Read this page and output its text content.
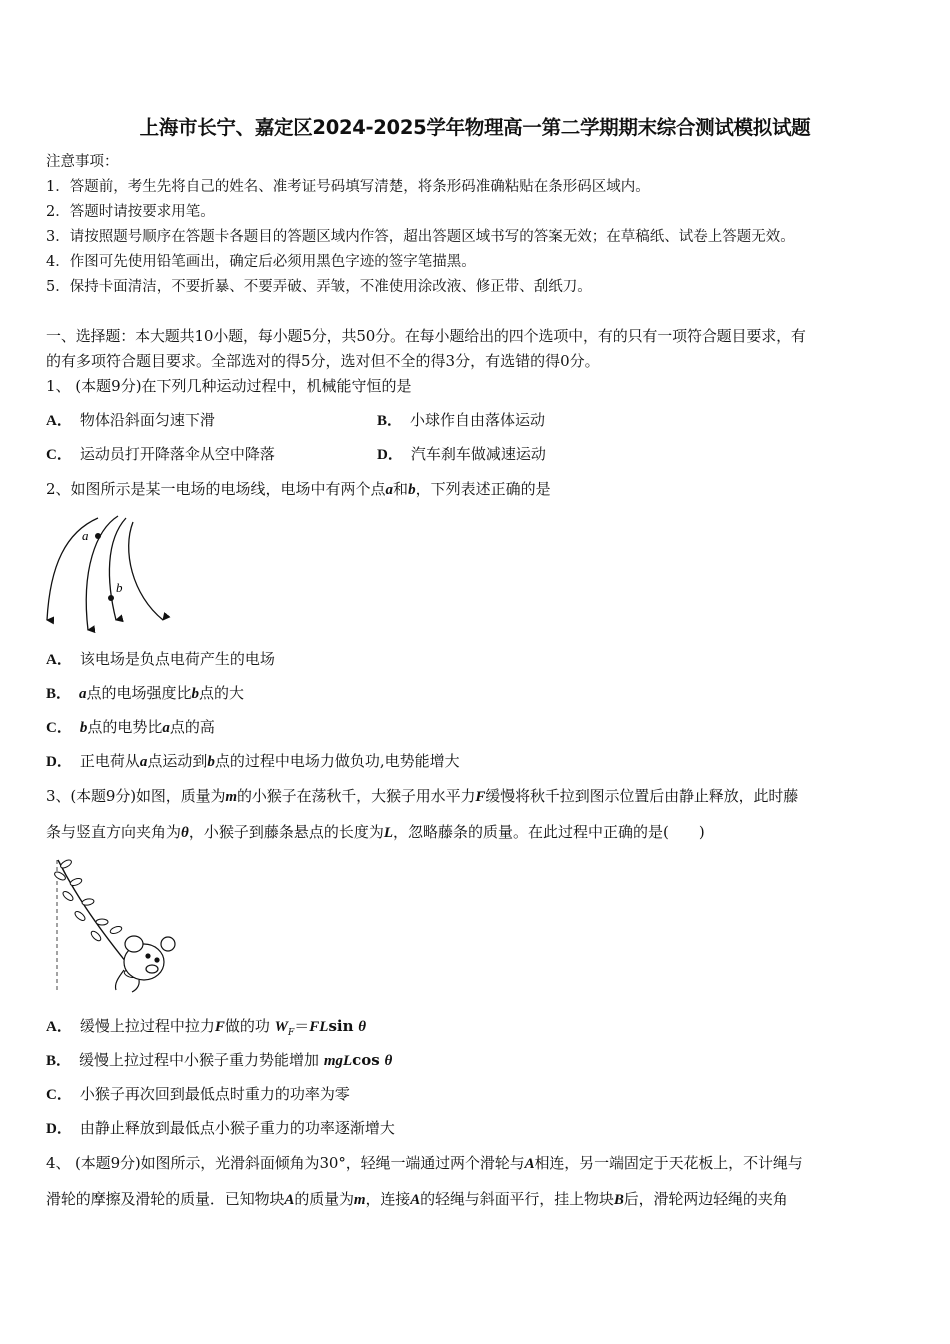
上海市长宁、嘉定区2024-2025学年物理高一第二学期期末综合测试模拟试题
注意事项：
1．答题前，考生先将自己的姓名、准考证号码填写清楚，将条形码准确粘贴在条形码区域内。
2．答题时请按要求用笔。
3．请按照题号顺序在答题卡各题目的答题区域内作答，超出答题区域书写的答案无效；在草稿纸、试卷上答题无效。
4．作图可先使用铅笔画出，确定后必须用黑色字迹的签字笔描黑。
5．保持卡面清洁，不要折暴、不要弄破、弄皱，不准使用涂改液、修正带、刮纸刀。
一、选择题：本大题共10小题，每小题5分，共50分。在每小题给出的四个选项中，有的只有一项符合题目要求，有
的有多项符合题目要求。全部选对的得5分，选对但不全的得3分，有选错的得0分。
1、 (本题9分)在下列几种运动过程中，机械能守恒的是
A． 物体沿斜面匀速下滑	B． 小球作自由落体运动
C． 运动员打开降落伞从空中降落	D． 汽车刹车做减速运动
2、如图所示是某一电场的电场线，电场中有两个点a和b，下列表述正确的是
a
b
A． 该电场是负点电荷产生的电场
B． a点的电场强度比b点的大
C． b点的电势比a点的高
D． 正电荷从a点运动到b点的过程中电场力做负功,电势能增大
3、(本题9分)如图，质量为m的小猴子在荡秋千，大猴子用水平力F缓慢将秋千拉到图示位置后由静止释放，此时藤
条与竖直方向夹角为θ，小猴子到藤条悬点的长度为L，忽略藤条的质量。在此过程中正确的是(　　)
A． 缓慢上拉过程中拉力F做的功 $W_F=FLsin$ θ
B． 缓慢上拉过程中小猴子重力势能增加 mgLcos θ
C． 小猴子再次回到最低点时重力的功率为零
D． 由静止释放到最低点小猴子重力的功率逐渐增大
4、 (本题9分)如图所示，光滑斜面倾角为30°，轻绳一端通过两个滑轮与A相连，另一端固定于天花板上，不计绳与
滑轮的摩擦及滑轮的质量．已知物块A的质量为m，连接A的轻绳与斜面平行，挂上物块B后，滑轮两边轻绳的夹角
